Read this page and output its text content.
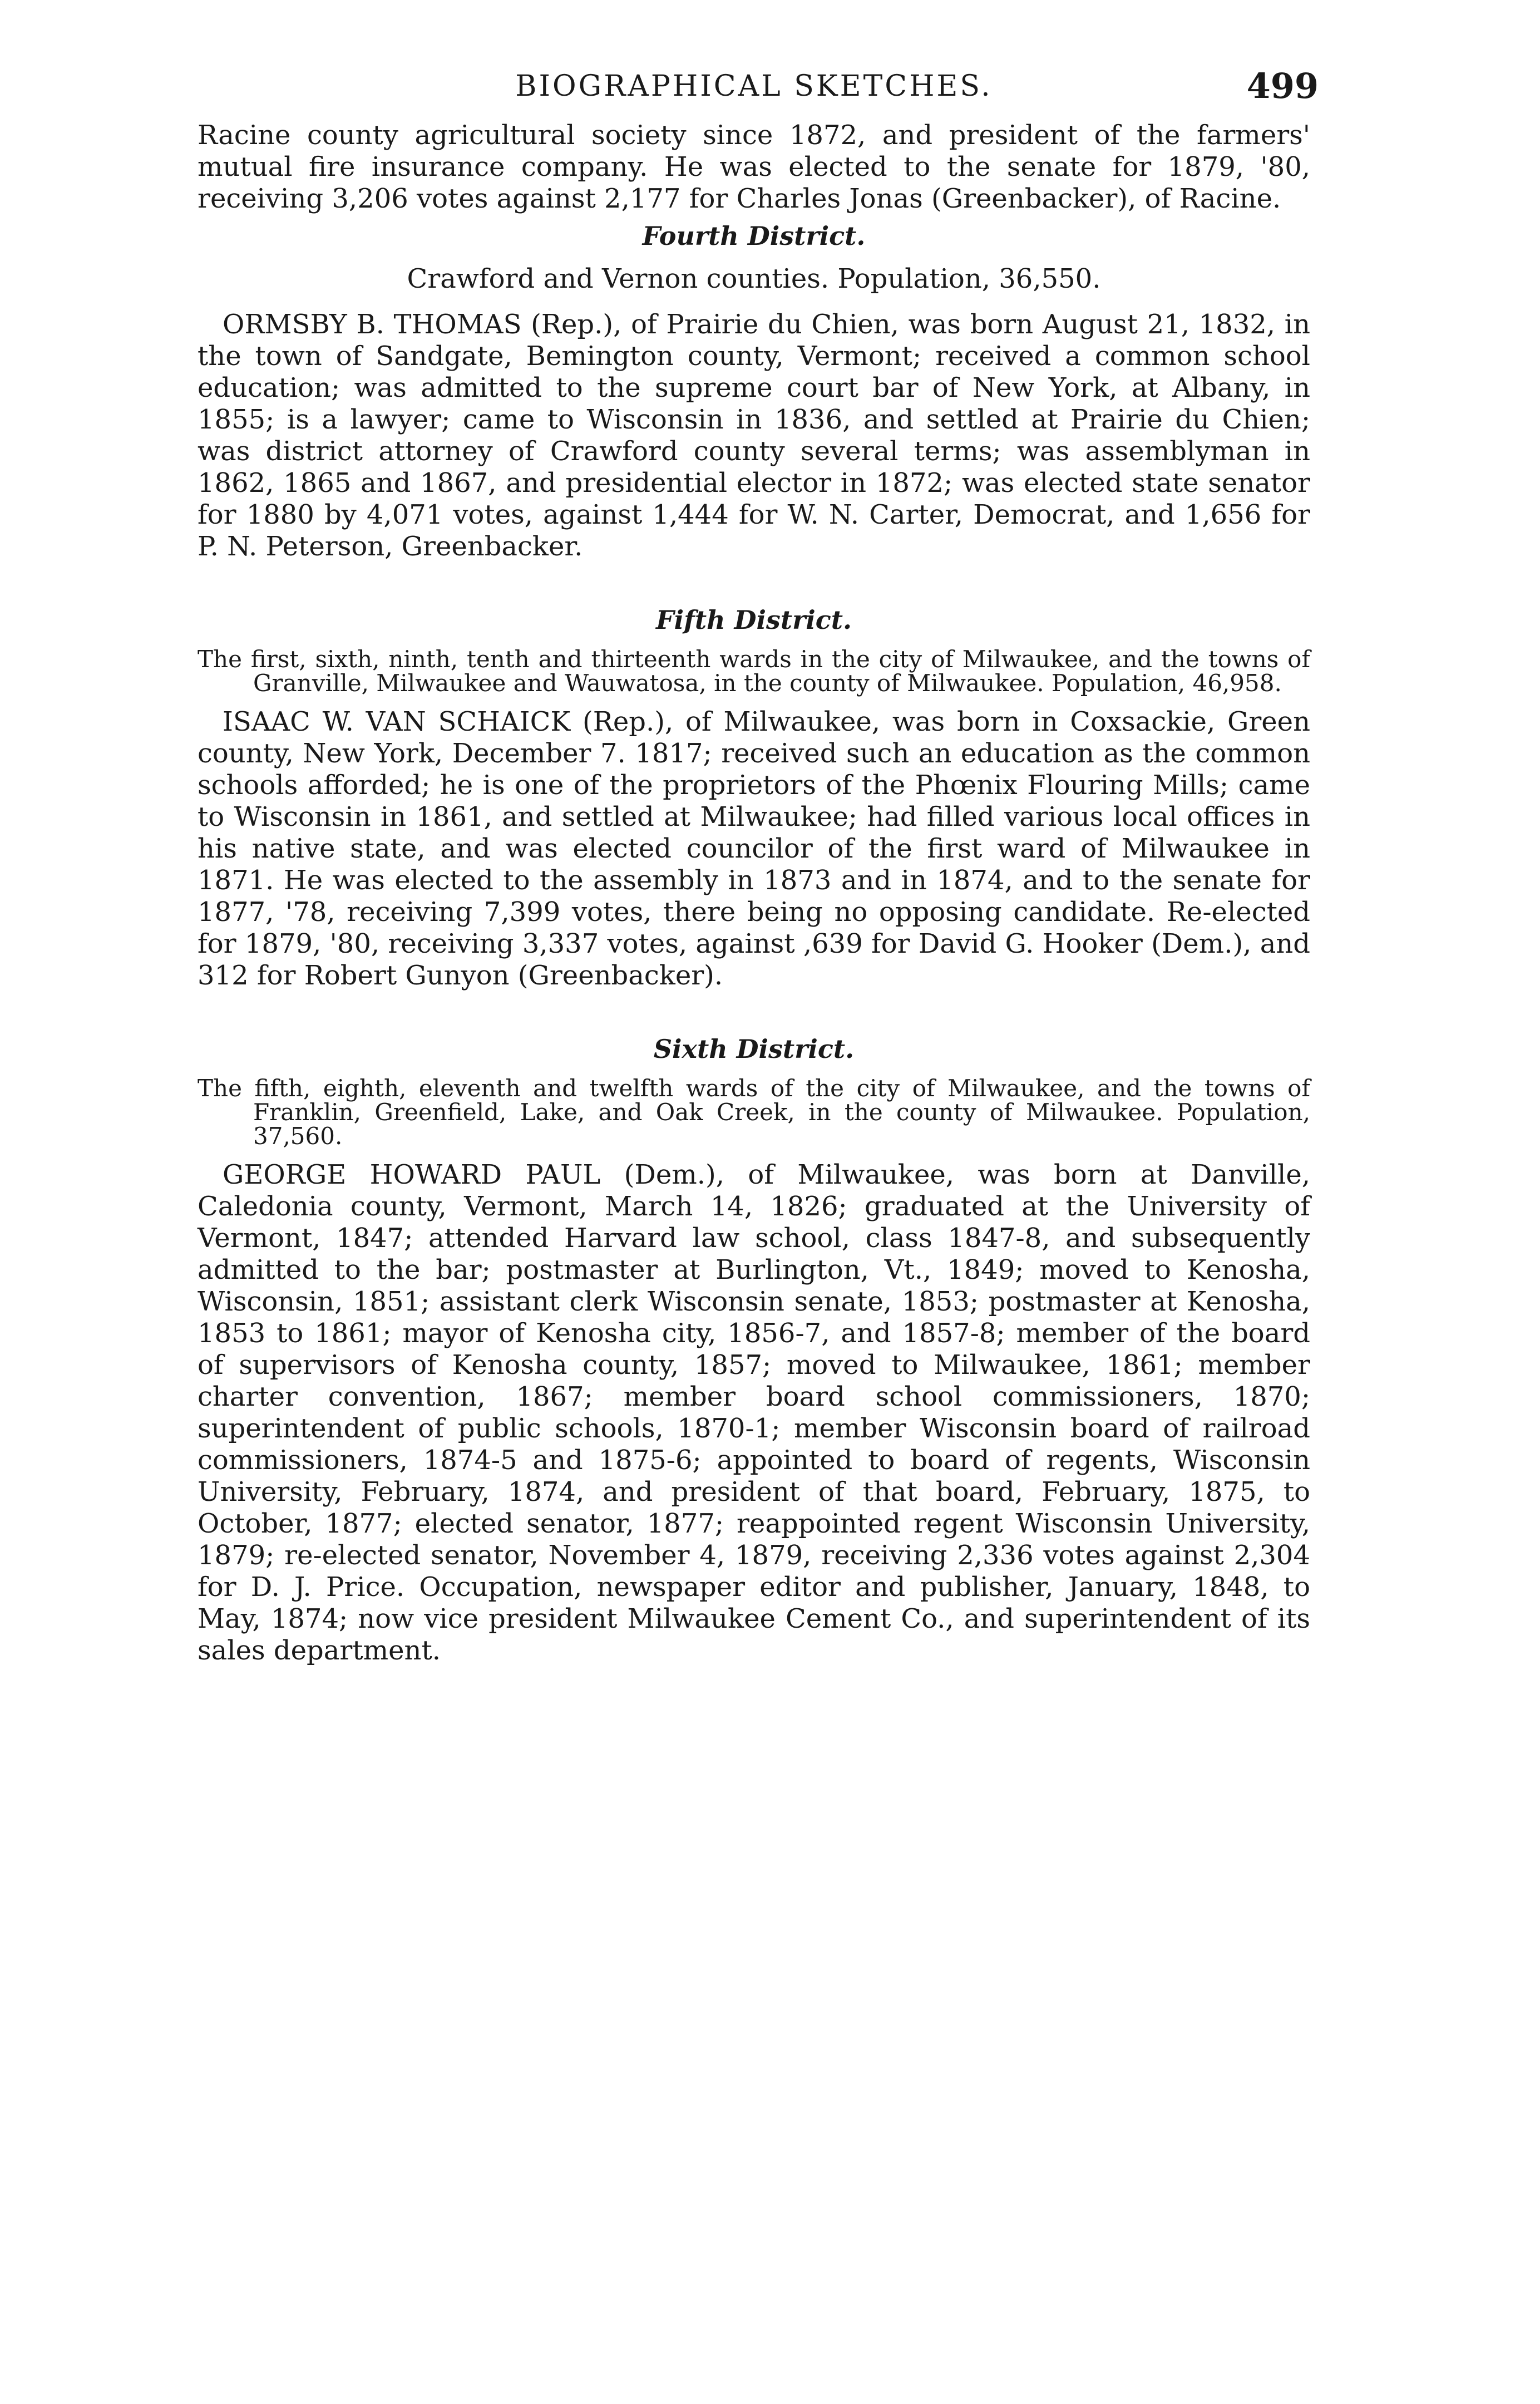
BIOGRAPHICAL SKETCHES.	499

Racine county agricultural society since 1872, and president of the farmers' mutual fire insurance company. He was elected to the senate for 1879, '80, receiving 3,206 votes against 2,177 for Charles Jonas (Greenbacker), of Racine.

Fourth District.

Crawford and Vernon counties. Population, 36,550.

ORMSBY B. THOMAS (Rep.), of Prairie du Chien, was born August 21, 1832, in the town of Sandgate, Bemington county, Vermont; received a common school education; was admitted to the supreme court bar of New York, at Albany, in 1855; is a lawyer; came to Wisconsin in 1836, and settled at Prairie du Chien; was district attorney of Crawford county several terms; was assemblyman in 1862, 1865 and 1867, and presidential elector in 1872; was elected state senator for 1880 by 4,071 votes, against 1,444 for W. N. Carter, Democrat, and 1,656 for P. N. Peterson, Greenbacker.

Fifth District.

The first, sixth, ninth, tenth and thirteenth wards in the city of Milwaukee, and the towns of Granville, Milwaukee and Wauwatosa, in the county of Milwaukee. Population, 46,958.

ISAAC W. VAN SCHAICK (Rep.), of Milwaukee, was born in Coxsackie, Green county, New York, December 7. 1817; received such an education as the common schools afforded; he is one of the proprietors of the Phœnix Flouring Mills; came to Wisconsin in 1861, and settled at Milwaukee; had filled various local offices in his native state, and was elected councilor of the first ward of Milwaukee in 1871. He was elected to the assembly in 1873 and in 1874, and to the senate for 1877, '78, receiving 7,399 votes, there being no opposing candidate. Re-elected for 1879, '80, receiving 3,337 votes, against ,639 for David G. Hooker (Dem.), and 312 for Robert Gunyon (Greenbacker).

Sixth District.

The fifth, eighth, eleventh and twelfth wards of the city of Milwaukee, and the towns of Franklin, Greenfield, Lake, and Oak Creek, in the county of Milwaukee. Population, 37,560.

GEORGE HOWARD PAUL (Dem.), of Milwaukee, was born at Danville, Caledonia county, Vermont, March 14, 1826; graduated at the University of Vermont, 1847; attended Harvard law school, class 1847-8, and subsequently admitted to the bar; postmaster at Burlington, Vt., 1849; moved to Kenosha, Wisconsin, 1851; assistant clerk Wisconsin senate, 1853; postmaster at Kenosha, 1853 to 1861; mayor of Kenosha city, 1856-7, and 1857-8; member of the board of supervisors of Kenosha county, 1857; moved to Milwaukee, 1861; member charter convention, 1867; member board school commissioners, 1870; superintendent of public schools, 1870-1; member Wisconsin board of railroad commissioners, 1874-5 and 1875-6; appointed to board of regents, Wisconsin University, February, 1874, and president of that board, February, 1875, to October, 1877; elected senator, 1877; reappointed regent Wisconsin University, 1879; re-elected senator, November 4, 1879, receiving 2,336 votes against 2,304 for D. J. Price. Occupation, newspaper editor and publisher, January, 1848, to May, 1874; now vice president Milwaukee Cement Co., and superintendent of its sales department.
